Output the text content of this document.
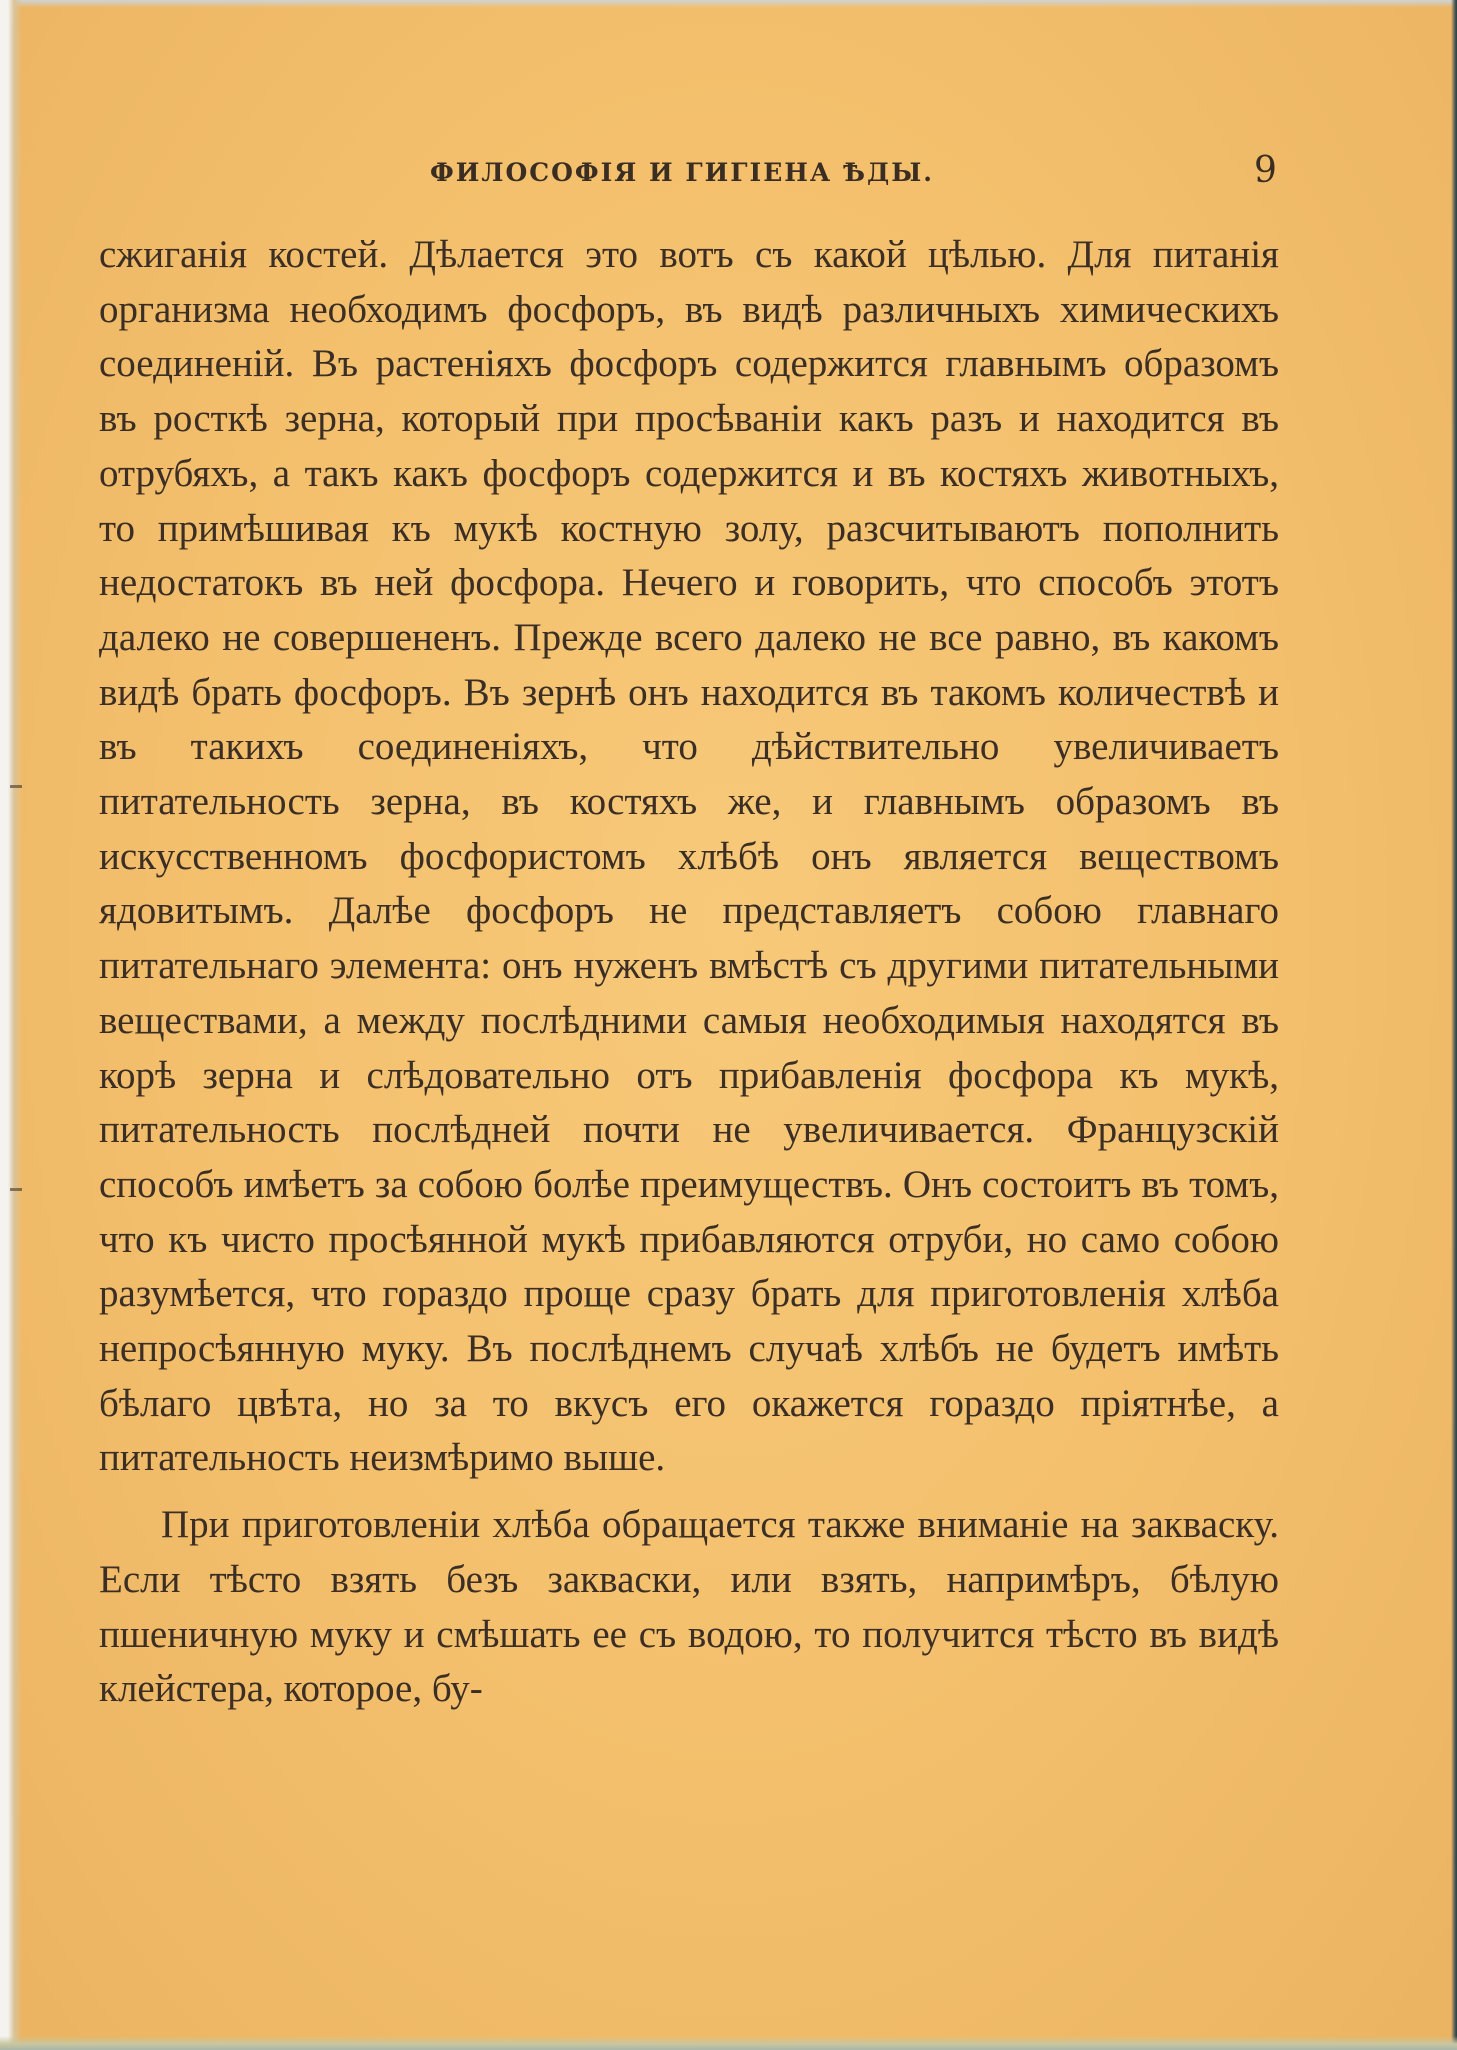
ФИЛОСОФІЯ И ГИГІЕНА ѢДЫ.	9

сжиганія костей. Дѣлается это вотъ съ какой цѣлью. Для питанія организма необходимъ фосфоръ, въ видѣ различныхъ химическихъ соединеній. Въ растеніяхъ фосфоръ содержится главнымъ образомъ въ росткѣ зерна, который при просѣваніи какъ разъ и находится въ отрубяхъ, а такъ какъ фосфоръ содержится и въ костяхъ животныхъ, то примѣшивая къ мукѣ костную золу, разсчитываютъ пополнить недостатокъ въ ней фосфора. Нечего и говорить, что способъ этотъ далеко не совершененъ. Прежде всего далеко не все равно, въ какомъ видѣ брать фосфоръ. Въ зернѣ онъ находится въ такомъ количествѣ и въ такихъ соединеніяхъ, что дѣйствительно увеличиваетъ питательность зерна, въ костяхъ же, и главнымъ образомъ въ искусственномъ фосфористомъ хлѣбѣ онъ является веществомъ ядовитымъ. Далѣе фосфоръ не представляетъ собою главнаго питательнаго элемента: онъ нуженъ вмѣстѣ съ другими питательными веществами, а между послѣдними самыя необходимыя находятся въ корѣ зерна и слѣдовательно отъ прибавленія фосфора къ мукѣ, питательность послѣдней почти не увеличивается. Французскій способъ имѣетъ за собою болѣе преимуществъ. Онъ состоитъ въ томъ, что къ чисто просѣянной мукѣ прибавляются отруби, но само собою разумѣется, что гораздо проще сразу брать для приготовленія хлѣба непросѣянную муку. Въ послѣднемъ случаѣ хлѣбъ не будетъ имѣть бѣлаго цвѣта, но за то вкусъ его окажется гораздо пріятнѣе, а питательность неизмѣримо выше.

При приготовленіи хлѣба обращается также вниманіе на закваску. Если тѣсто взять безъ закваски, или взять, напримѣръ, бѣлую пшеничную муку и смѣшать ее съ водою, то получится тѣсто въ видѣ клейстера, которое, бу-
